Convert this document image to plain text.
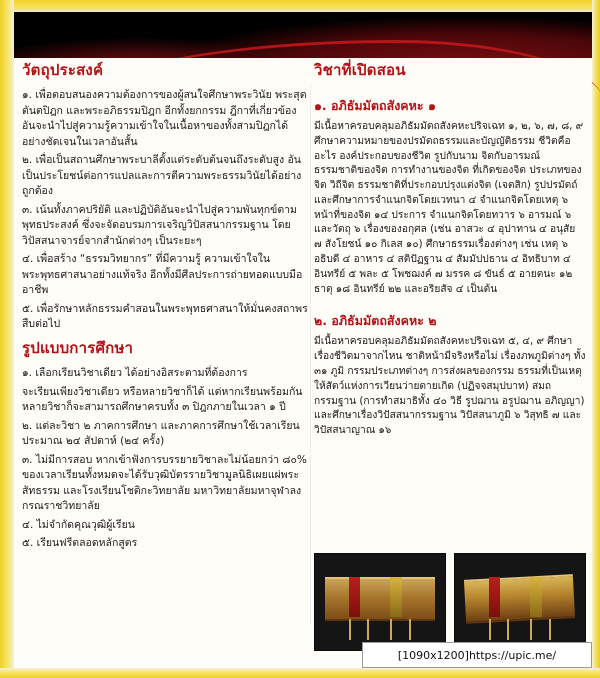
วัตถุประสงค์

๑. เพื่อตอบสนองความต้องการของผู้สนใจศึกษาพระวินัย พระสุตตันตปิฎก และพระอภิธรรมปิฎก อีกทั้งยกกรรม ฎีกาที่เกี่ยวข้อง อันจะนำไปสู่ความรู้ความเข้าใจในเนื้อหาของทั้งสามปิฎกได้อย่างชัดเจนในเวลาอันสั้น

๒. เพื่อเป็นสถานศึกษาพระบาลีตั้งแต่ระดับต้นจนถึงระดับสูง อันเป็นประโยชน์ต่อการแปลและการตีความพระธรรมวินัยได้อย่างถูกต้อง

๓. เน้นทั้งภาคปริยัติ และปฏิบัติอันจะนำไปสู่ความพันทุกข์ตามพุทธประสงค์ ซึ่งจะจัดอบรมการเจริญวิปัสสนากรรมฐาน โดยวิปัสสนาจารย์จากสำนักต่างๆ เป็นระยะๆ

๔. เพื่อสร้าง “ธรรมวิทยากร” ที่มีความรู้ ความเข้าใจในพระพุทธศาสนาอย่างแท้จริง อีกทั้งมีศีลประการถ่ายทอดแบบมืออาชีพ

๕. เพื่อรักษาหลักธรรมคำสอนในพระพุทธศาสนาให้มั่นคงสถาพรสืบต่อไป

รูปแบบการศึกษา

๑. เลือกเรียนวิชาเดียว ได้อย่างอิสระตามที่ต้องการ

จะเรียนเพียงวิชาเดียว หรือหลายวิชาก็ได้ แต่หากเรียนพร้อมกันหลายวิชาก็จะสามารถศึกษาครบทั้ง ๓ ปิฎกภายในเวลา ๑ ปี

๒. แต่ละวิชา ๒ ภาคการศึกษา และภาคการศึกษาใช้เวลาเรียนประมาณ ๒๔ สัปดาห์ (๒๔ ครั้ง)

๓. ไม่มีการสอบ หากเข้าฟังการบรรยายวิชาละไม่น้อยกว่า ๘๐% ของเวลาเรียนทั้งหมดจะได้รับวุฒิบัตรรายวิชามูลนิธิเผยแผ่พระสัทธรรม และโรงเรียนโชติกะวิทยาลัย มหาวิทยาลัยมหาจุฬาลงกรณราชวิทยาลัย

๔. ไม่จำกัดคุณวุฒิผู้เรียน

๕. เรียนฟรีตลอดหลักสูตร

วิชาที่เปิดสอน
๑. อภิธัมมัตถสังคหะ ๑

มีเนื้อหาครอบคลุมอภิธัมมัตถสังคหะปริจเฉท ๑, ๒, ๖, ๗, ๘, ๙ ศึกษาความหมายของปรมัตถธรรมและบัญญัติธรรม ชีวิตคืออะไร องค์ประกอบของชีวิต รูปกับนาม จิตกับอารมณ์ ธรรมชาติของจิต การทำงานของจิต ที่เกิดของจิต ประเภทของจิต วิถีจิต ธรรมชาติที่ประกอบปรุงแต่งจิต (เจตสิก) รูปปรมัตถ์ และศึกษาการจำแนกจิตโดยเวทนา ๔ จำแนกจิตโดยเหตุ ๖ หน้าที่ของจิต ๑๔ ประการ จำแนกจิตโดยทวาร ๖ อารมณ์ ๖ และวัตถุ ๖ เรื่องของอกุศล (เช่น อาสวะ ๔ อุปาทาน ๔ อนุสัย ๗ สังโยชน์ ๑๐ กิเลส ๑๐) ศึกษาธรรมเรื่องต่างๆ เช่น เหตุ ๖ อธิบดี ๔ อาหาร ๔ สติปัฏฐาน ๔ สัมมัปปธาน ๔ อิทธิบาท ๔ อินทรีย์ ๕ พละ ๕ โพชฌงค์ ๗ มรรค ๘ ขันธ์ ๕ อายตนะ ๑๒ ธาตุ ๑๘ อินทรีย์ ๒๒ และอริยสัจ ๔ เป็นต้น

๒. อภิธัมมัตถสังคหะ ๒

มีเนื้อหาครอบคลุมอภิธัมมัตถสังคหะปริจเฉท ๕, ๔, ๙ ศึกษาเรื่องชีวิตมาจากไหน ชาติหน้ามีจริงหรือไม่ เรื่องภพภูมิต่างๆ ทั้ง ๓๑ ภูมิ กรรมประเภทต่างๆ การส่งผลของกรรม ธรรมที่เป็นเหตุให้สัตว์แห่งการเวียนว่ายตายเกิด (ปฏิจจสมุปบาท) สมถกรรมฐาน (การทำสมาธิทั้ง ๔๐ วิธี รูปฌาน อรูปฌาน อภิญญา) และศึกษาเรื่องวิปัสสนากรรมฐาน วิปัสสนาภูมิ ๖ วิสุทธิ ๗ และวิปัสสนาญาณ ๑๖

[1090x1200] https://upic.me/
